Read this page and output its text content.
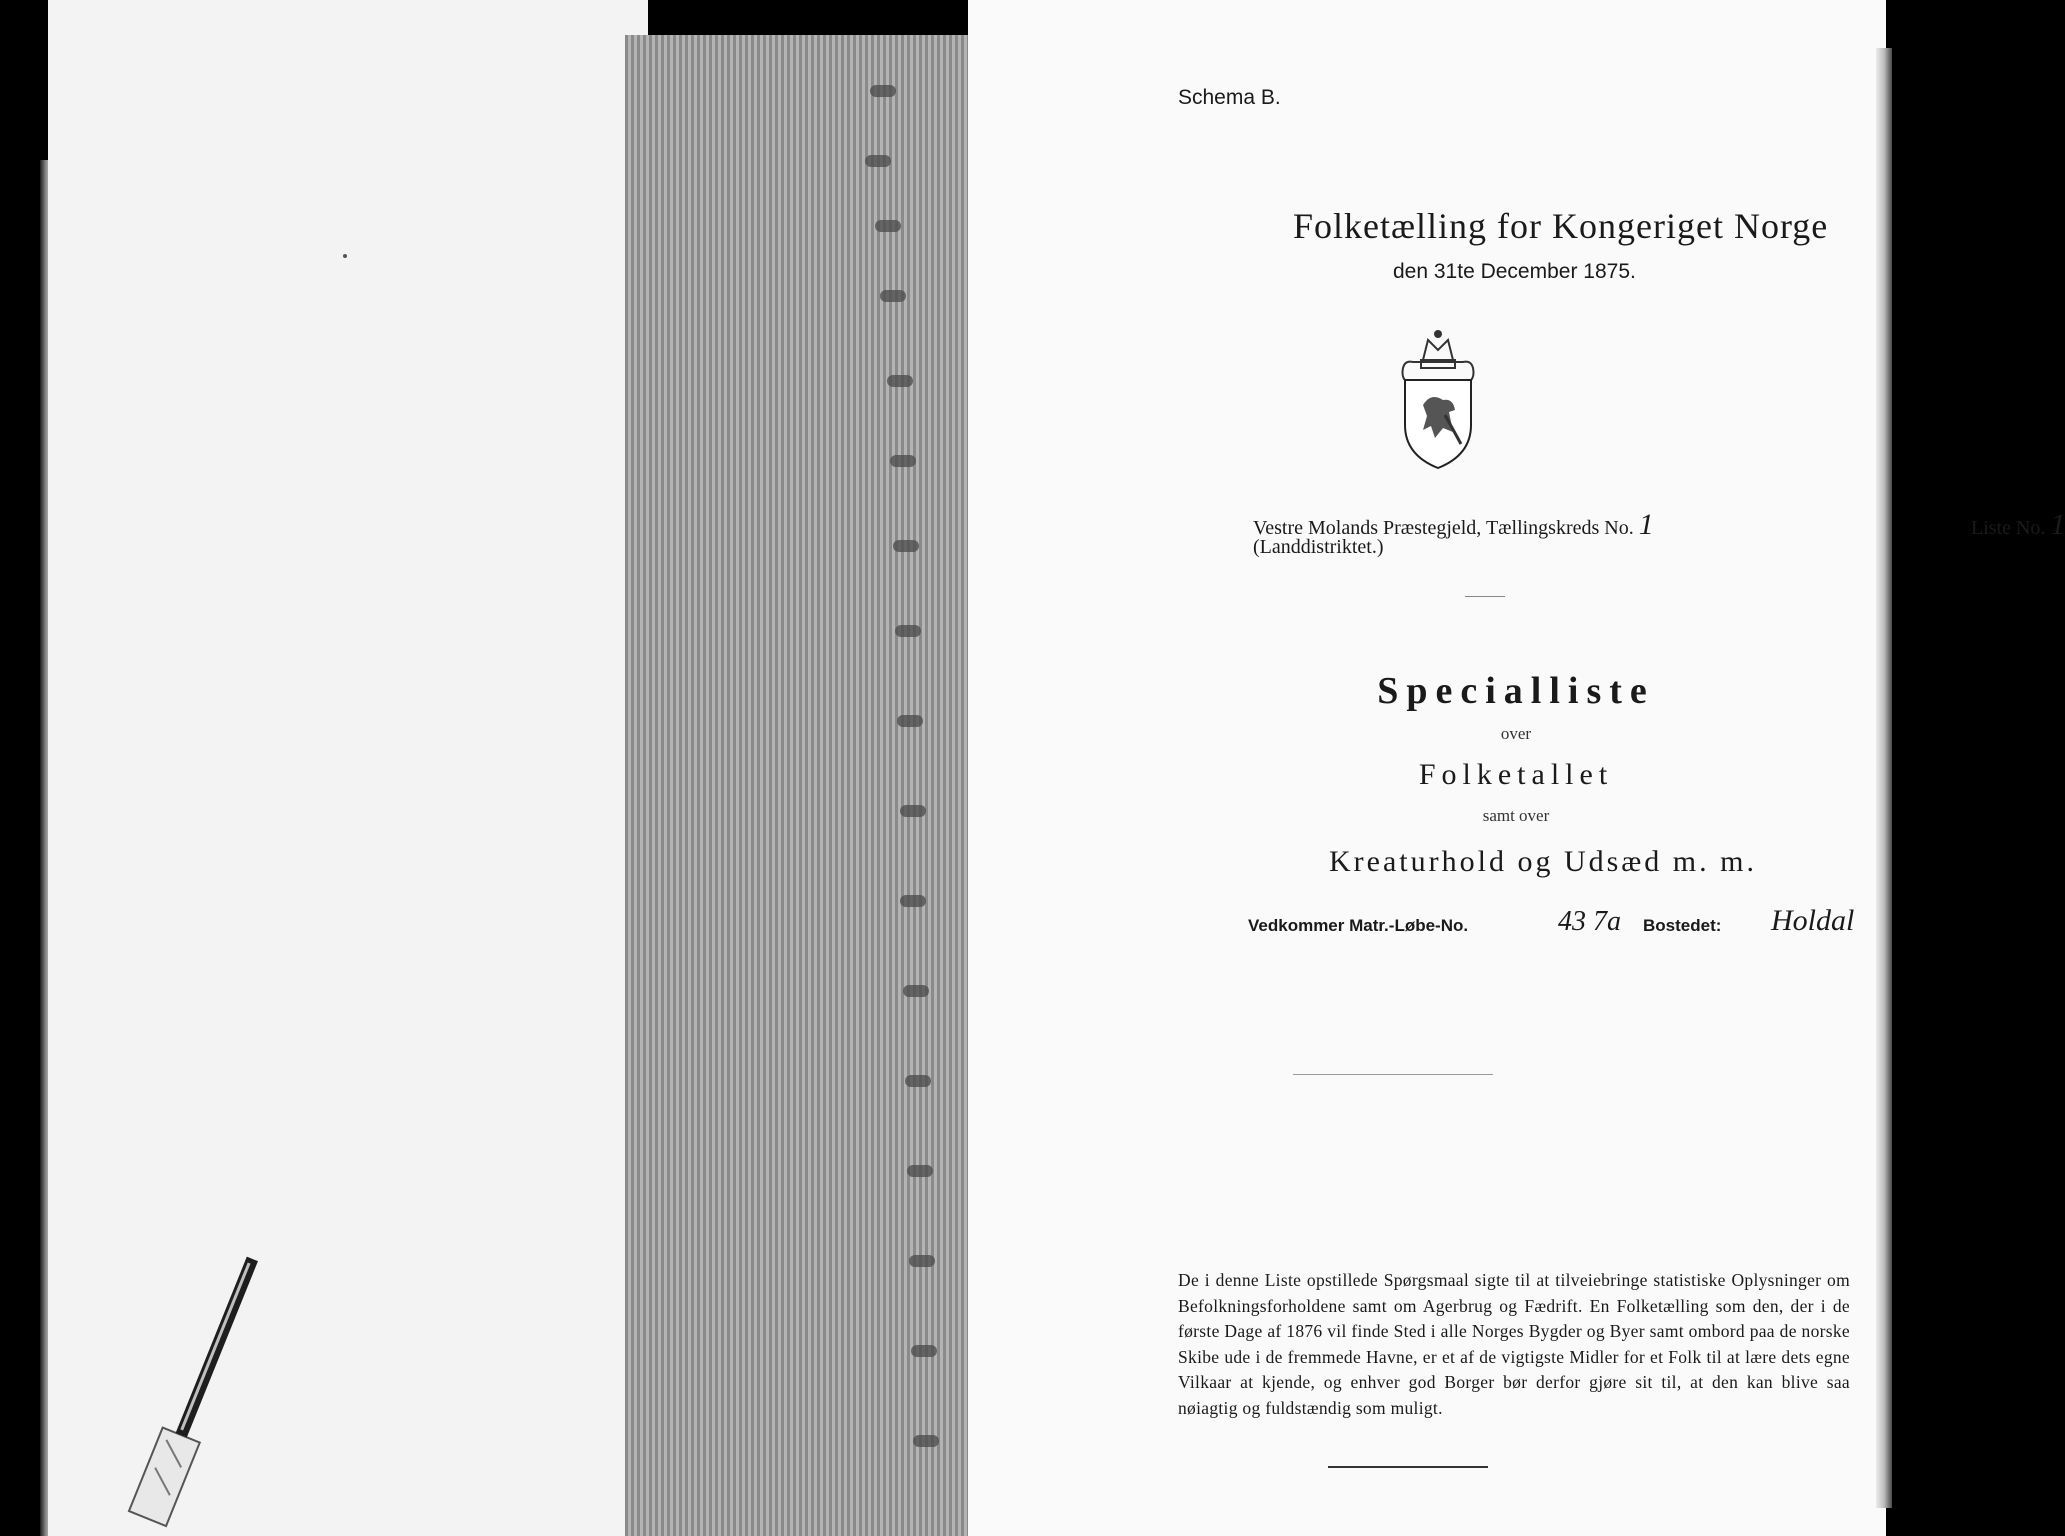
Schema B.
Folketælling for Kongeriget Norge
den 31te December 1875.
Vestre Molands Præstegjeld, Tællingskreds No. 1
(Landdistriktet.)
Liste No. 1
Specialliste
over
Folketallet
samt over
Kreaturhold og Udsæd m. m.
Vedkommer Matr.-Løbe-No.	43 7a Bostedet: Holdal
De i denne Liste opstillede Spørgsmaal sigte til at tilveiebringe statistiske Oplysninger om Befolkningsforholdene samt om Agerbrug og Fædrift. En Folketælling som den, der i de første Dage af 1876 vil finde Sted i alle Norges Bygder og Byer samt ombord paa de norske Skibe ude i de fremmede Havne, er et af de vigtigste Midler for et Folk til at lære dets egne Vilkaar at kjende, og enhver god Borger bør derfor gjøre sit til, at den kan blive saa nøiagtig og fuldstændig som muligt.
